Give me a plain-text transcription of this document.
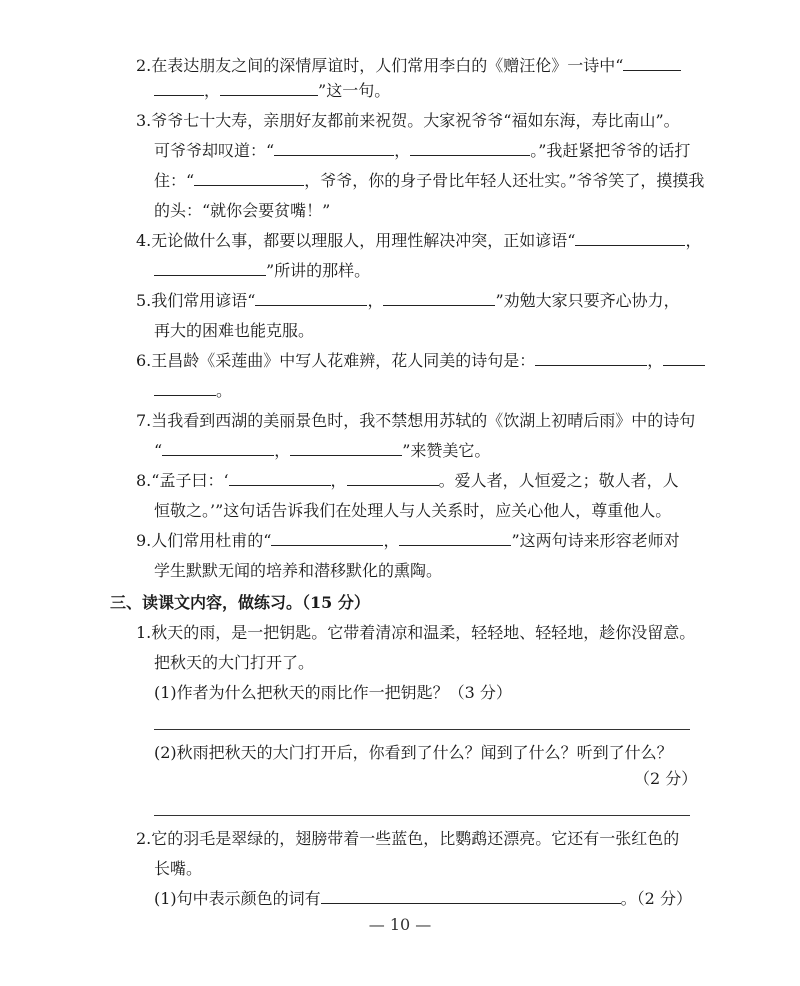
2.在表达朋友之间的深情厚谊时，人们常用李白的《赠汪伦》一诗中“
，	”这一句。
3.爷爷七十大寿，亲朋好友都前来祝贺。大家祝爷爷“福如东海，寿比南山”。
可爷爷却叹道：“	，	。”我赶紧把爷爷的话打
住：“	，爷爷，你的身子骨比年轻人还壮实。”爷爷笑了，摸摸我
的头：“就你会要贫嘴！”
4.无论做什么事，都要以理服人，用理性解决冲突，正如谚语“	，
”所讲的那样。
5.我们常用谚语“	，	”劝勉大家只要齐心协力，
再大的困难也能克服。
6.王昌龄《采莲曲》中写人花难辨，花人同美的诗句是：	，
。
7.当我看到西湖的美丽景色时，我不禁想用苏轼的《饮湖上初晴后雨》中的诗句
“	，	”来赞美它。
8.“孟子曰：‘	，	。爱人者，人恒爱之；敬人者，人
恒敬之。’”这句话告诉我们在处理人与人关系时，应关心他人，尊重他人。
9.人们常用杜甫的“	，	”这两句诗来形容老师对
学生默默无闻的培养和潜移默化的熏陶。
三、读课文内容，做练习。（15 分）
1.秋天的雨，是一把钥匙。它带着清凉和温柔，轻轻地、轻轻地，趁你没留意。
把秋天的大门打开了。
(1)作者为什么把秋天的雨比作一把钥匙？（3 分）
(2)秋雨把秋天的大门打开后，你看到了什么？闻到了什么？听到了什么？
（2 分）
2.它的羽毛是翠绿的，翅膀带着一些蓝色，比鹦鹉还漂亮。它还有一张红色的
长嘴。
(1)句中表示颜色的词有	。（2 分）
— 10 —
